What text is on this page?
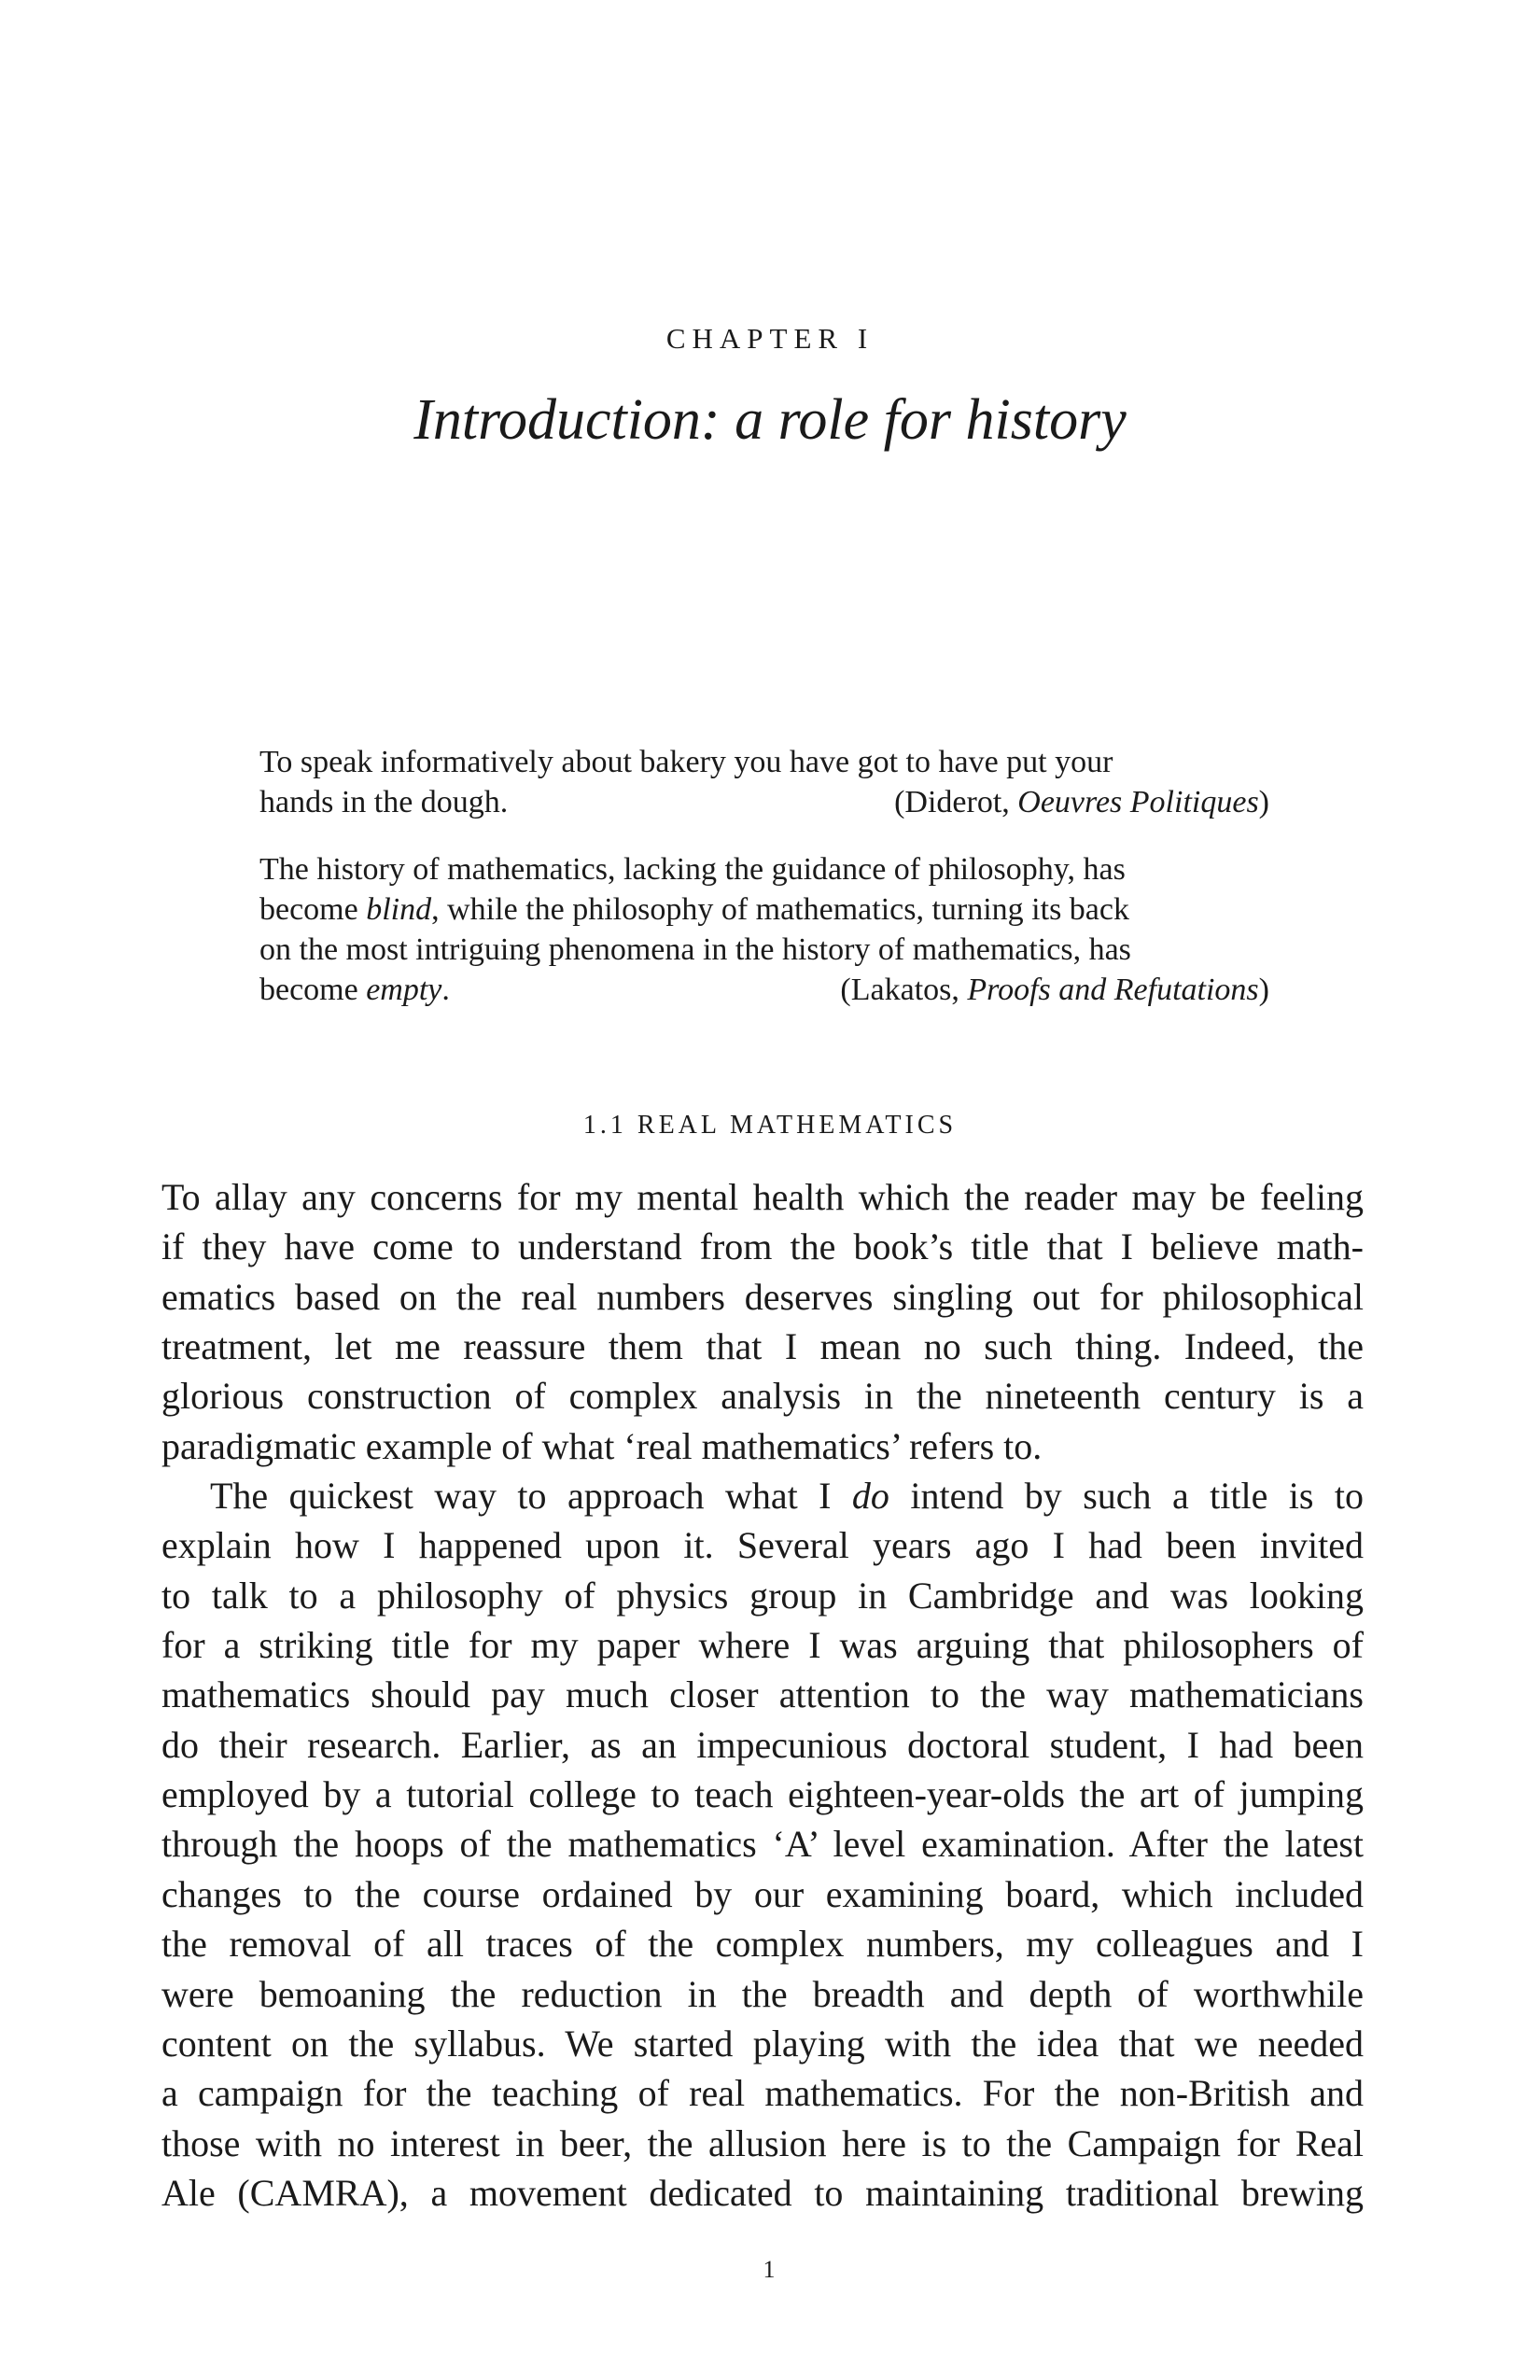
CHAPTER I
Introduction: a role for history
To speak informatively about bakery you have got to have put your
hands in the dough.	(Diderot, Oeuvres Politiques)
The history of mathematics, lacking the guidance of philosophy, has
become blind, while the philosophy of mathematics, turning its back
on the most intriguing phenomena in the history of mathematics, has
become empty.	(Lakatos, Proofs and Refutations)
1.1 REAL MATHEMATICS
To allay any concerns for my mental health which the reader may be feeling
if they have come to understand from the book’s title that I believe math-
ematics based on the real numbers deserves singling out for philosophical
treatment, let me reassure them that I mean no such thing. Indeed, the
glorious construction of complex analysis in the nineteenth century is a
paradigmatic example of what ‘real mathematics’ refers to.
The quickest way to approach what I do intend by such a title is to
explain how I happened upon it. Several years ago I had been invited
to talk to a philosophy of physics group in Cambridge and was looking
for a striking title for my paper where I was arguing that philosophers of
mathematics should pay much closer attention to the way mathematicians
do their research. Earlier, as an impecunious doctoral student, I had been
employed by a tutorial college to teach eighteen-year-olds the art of jumping
through the hoops of the mathematics ‘A’ level examination. After the latest
changes to the course ordained by our examining board, which included
the removal of all traces of the complex numbers, my colleagues and I
were bemoaning the reduction in the breadth and depth of worthwhile
content on the syllabus. We started playing with the idea that we needed
a campaign for the teaching of real mathematics. For the non-British and
those with no interest in beer, the allusion here is to the Campaign for Real
Ale (CAMRA), a movement dedicated to maintaining traditional brewing
1
